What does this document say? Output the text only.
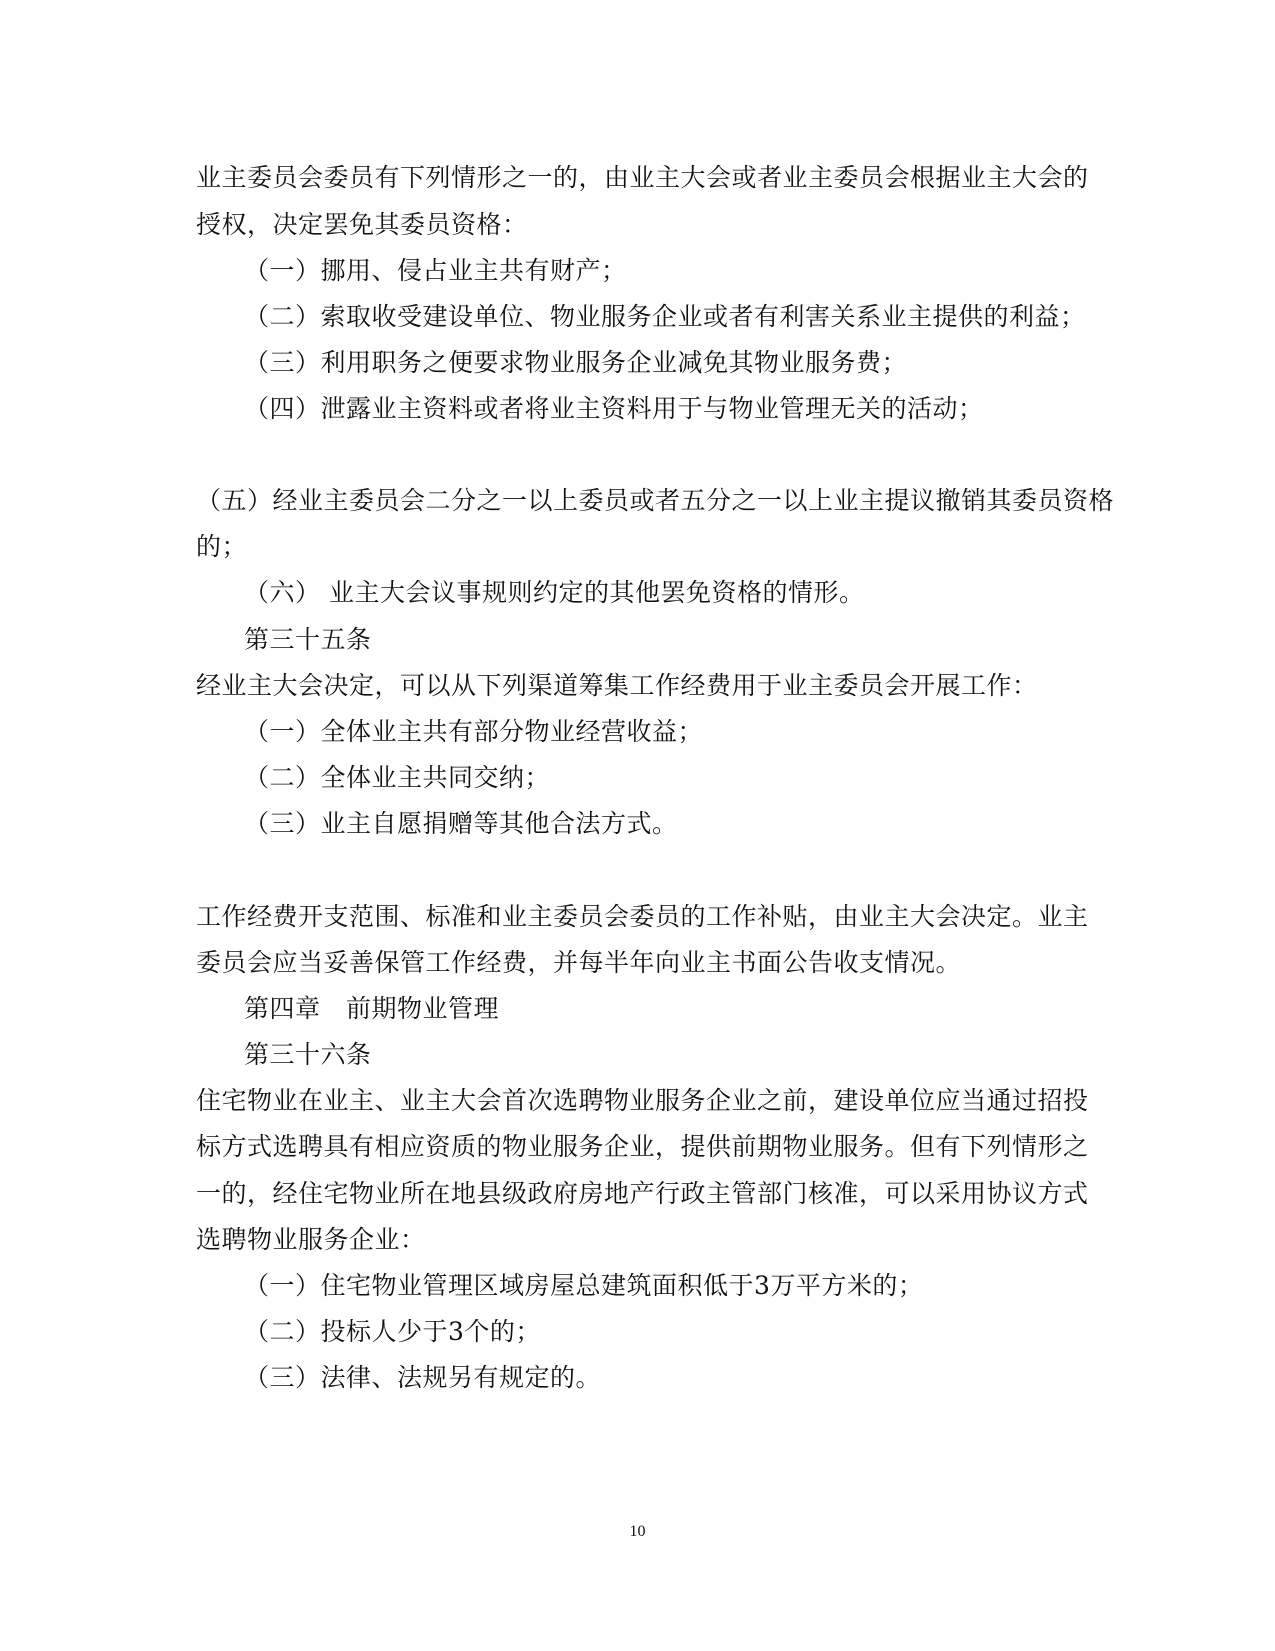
业主委员会委员有下列情形之一的，由业主大会或者业主委员会根据业主大会的
授权，决定罢免其委员资格：
（一）挪用、侵占业主共有财产；
（二）索取收受建设单位、物业服务企业或者有利害关系业主提供的利益；
（三）利用职务之便要求物业服务企业减免其物业服务费；
（四）泄露业主资料或者将业主资料用于与物业管理无关的活动；
（五）经业主委员会二分之一以上委员或者五分之一以上业主提议撤销其委员资格
的；
（六） 业主大会议事规则约定的其他罢免资格的情形。
第三十五条
经业主大会决定，可以从下列渠道筹集工作经费用于业主委员会开展工作：
（一）全体业主共有部分物业经营收益；
（二）全体业主共同交纳；
（三）业主自愿捐赠等其他合法方式。
工作经费开支范围、标准和业主委员会委员的工作补贴，由业主大会决定。业主
委员会应当妥善保管工作经费，并每半年向业主书面公告收支情况。
第四章　前期物业管理
第三十六条
住宅物业在业主、业主大会首次选聘物业服务企业之前，建设单位应当通过招投
标方式选聘具有相应资质的物业服务企业，提供前期物业服务。但有下列情形之
一的，经住宅物业所在地县级政府房地产行政主管部门核准，可以采用协议方式
选聘物业服务企业：
（一）住宅物业管理区域房屋总建筑面积低于3万平方米的；
（二）投标人少于3个的；
（三）法律、法规另有规定的。
10
